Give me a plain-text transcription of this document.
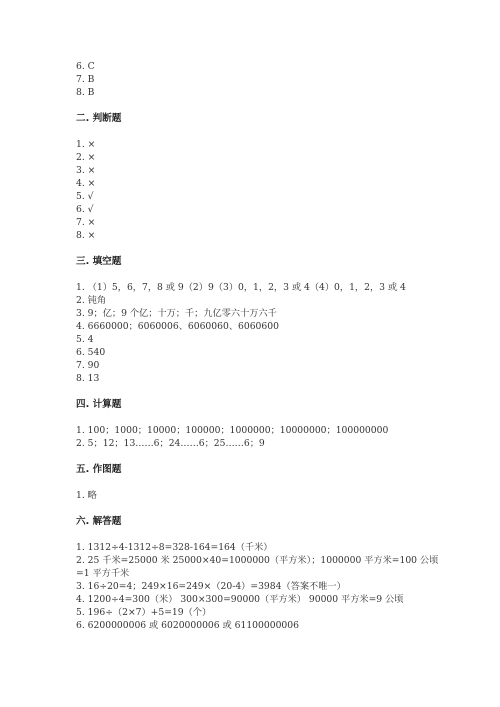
6. C
7. B
8. B
二. 判断题
1. ×
2. ×
3. ×
4. ×
5. √
6. √
7. ×
8. ×
三. 填空题
1. （1）5，6，7，8 或 9（2）9（3）0，1，2，3 或 4（4）0，1，2，3 或 4
2. 钝角
3. 9；亿；9 个亿；十万；千；九亿零六十万六千
4. 6660000；6060006、6060060、6060600
5. 4
6. 540
7. 90
8. 13
四. 计算题
1. 100；1000；10000；100000；1000000；10000000；100000000
2. 5；12；13……6；24……6；25……6；9
五. 作图题
1. 略
六. 解答题
1. 1312÷4-1312÷8=328-164=164（千米）
2. 25 千米=25000 米 25000×40=1000000（平方米）；1000000 平方米=100 公顷
=1 平方千米
3. 16÷20=4；249×16=249×（20-4）=3984（答案不唯一）
4. 1200÷4=300（米） 300×300=90000（平方米） 90000 平方米=9 公顷
5. 196÷（2×7）+5=19（个）
6. 6200000006 或 6020000006 或 61100000006
